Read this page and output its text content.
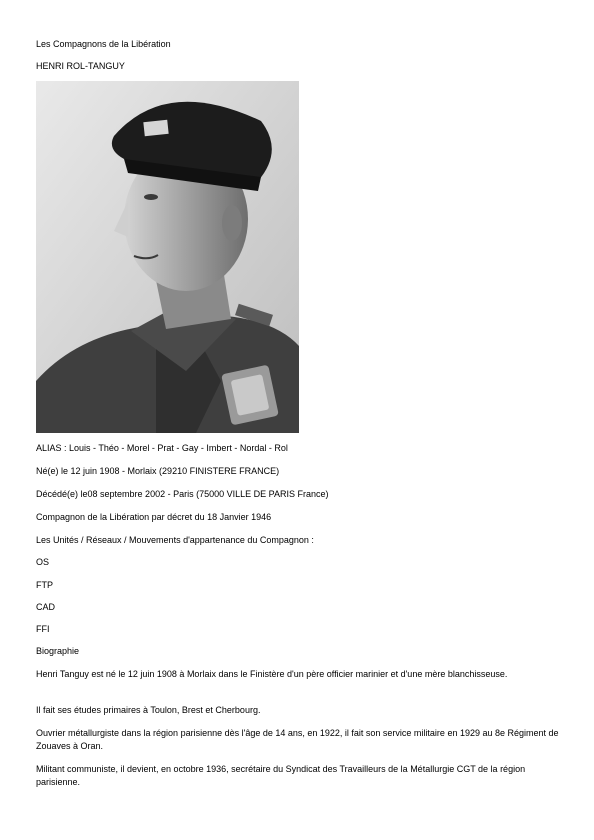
Les Compagnons de la Libération
HENRI ROL-TANGUY
ALIAS : Louis - Théo - Morel - Prat - Gay - Imbert - Nordal - Rol
Né(e) le 12 juin 1908 - Morlaix (29210 FINISTERE FRANCE)
Décédé(e) le08 septembre 2002 - Paris (75000 VILLE DE PARIS France)
Compagnon de la Libération par décret du 18 Janvier 1946
Les Unités / Réseaux / Mouvements d'appartenance du Compagnon :
OS
FTP
CAD
FFI
Biographie
Henri Tanguy est né le 12 juin 1908 à Morlaix dans le Finistère d'un père officier marinier et d'une mère blanchisseuse.
Il fait ses études primaires à Toulon, Brest et Cherbourg.
Ouvrier métallurgiste dans la région parisienne dès l'âge de 14 ans, en 1922, il fait son service militaire en 1929 au 8e Régiment de Zouaves à Oran.
Militant communiste, il devient, en octobre 1936, secrétaire du Syndicat des Travailleurs de la Métallurgie CGT de la région parisienne.
